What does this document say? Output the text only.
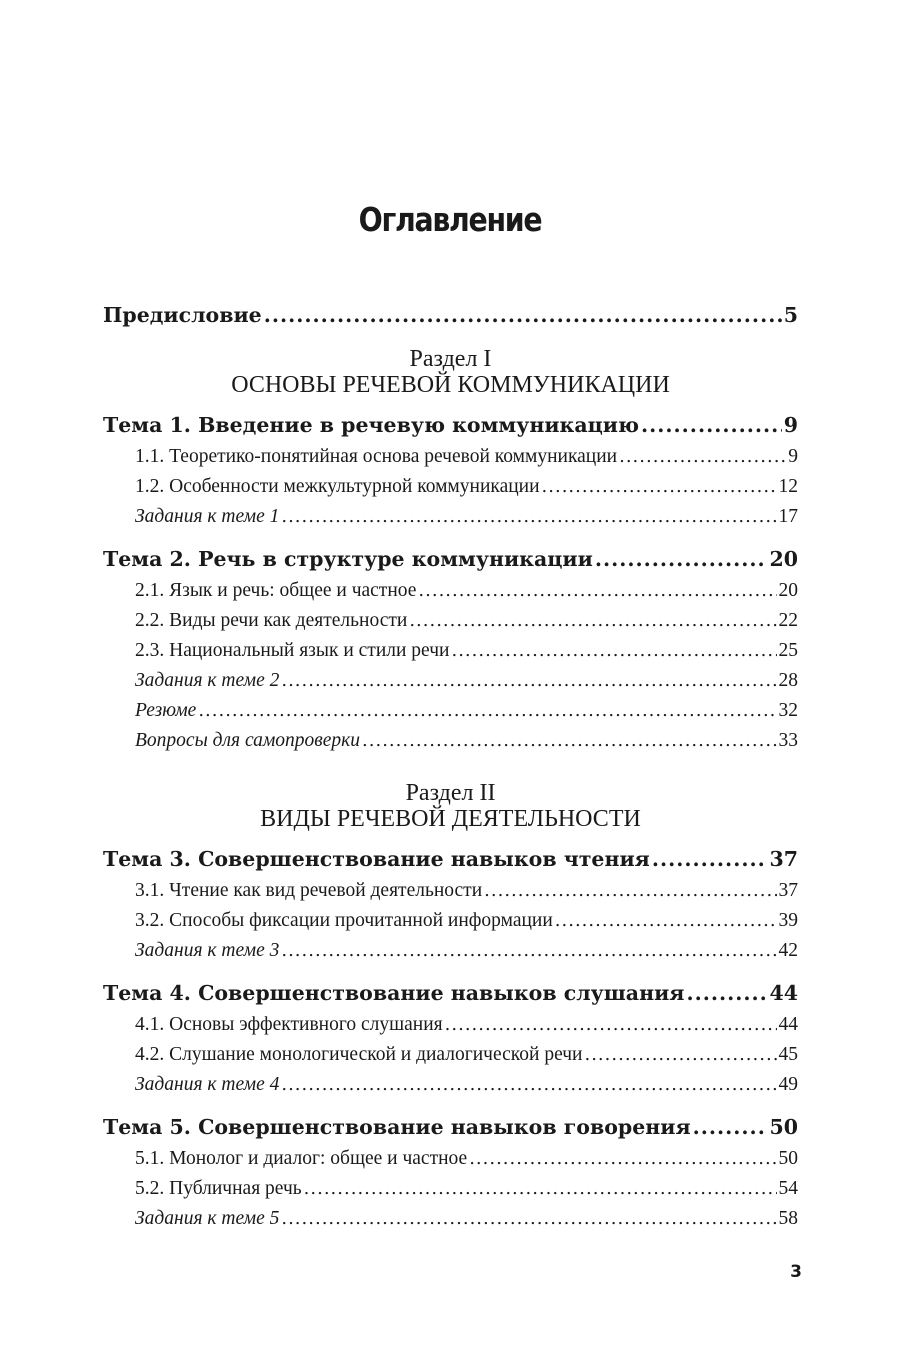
Оглавление
Предисловие .....	5
Раздел I
ОСНОВЫ РЕЧЕВОЙ КОММУНИКАЦИИ
Тема 1. Введение в речевую коммуникацию .....	9
1.1. Теоретико-понятийная основа речевой коммуникации .....	9
1.2. Особенности межкультурной коммуникации .....	12
Задания к теме 1 .....	17
Тема 2. Речь в структуре коммуникации .....	20
2.1. Язык и речь: общее и частное .....	20
2.2. Виды речи как деятельности .....	22
2.3. Национальный язык и стили речи .....	25
Задания к теме 2 .....	28
Резюме .....	32
Вопросы для самопроверки .....	33
Раздел II
ВИДЫ РЕЧЕВОЙ ДЕЯТЕЛЬНОСТИ
Тема 3. Совершенствование навыков чтения .....	37
3.1. Чтение как вид речевой деятельности .....	37
3.2. Способы фиксации прочитанной информации .....	39
Задания к теме 3 .....	42
Тема 4. Совершенствование навыков слушания .....	44
4.1. Основы эффективного слушания .....	44
4.2. Слушание монологической и диалогической речи .....	45
Задания к теме 4 .....	49
Тема 5. Совершенствование навыков говорения .....	50
5.1. Монолог и диалог: общее и частное .....	50
5.2. Публичная речь .....	54
Задания к теме 5 .....	58
3
